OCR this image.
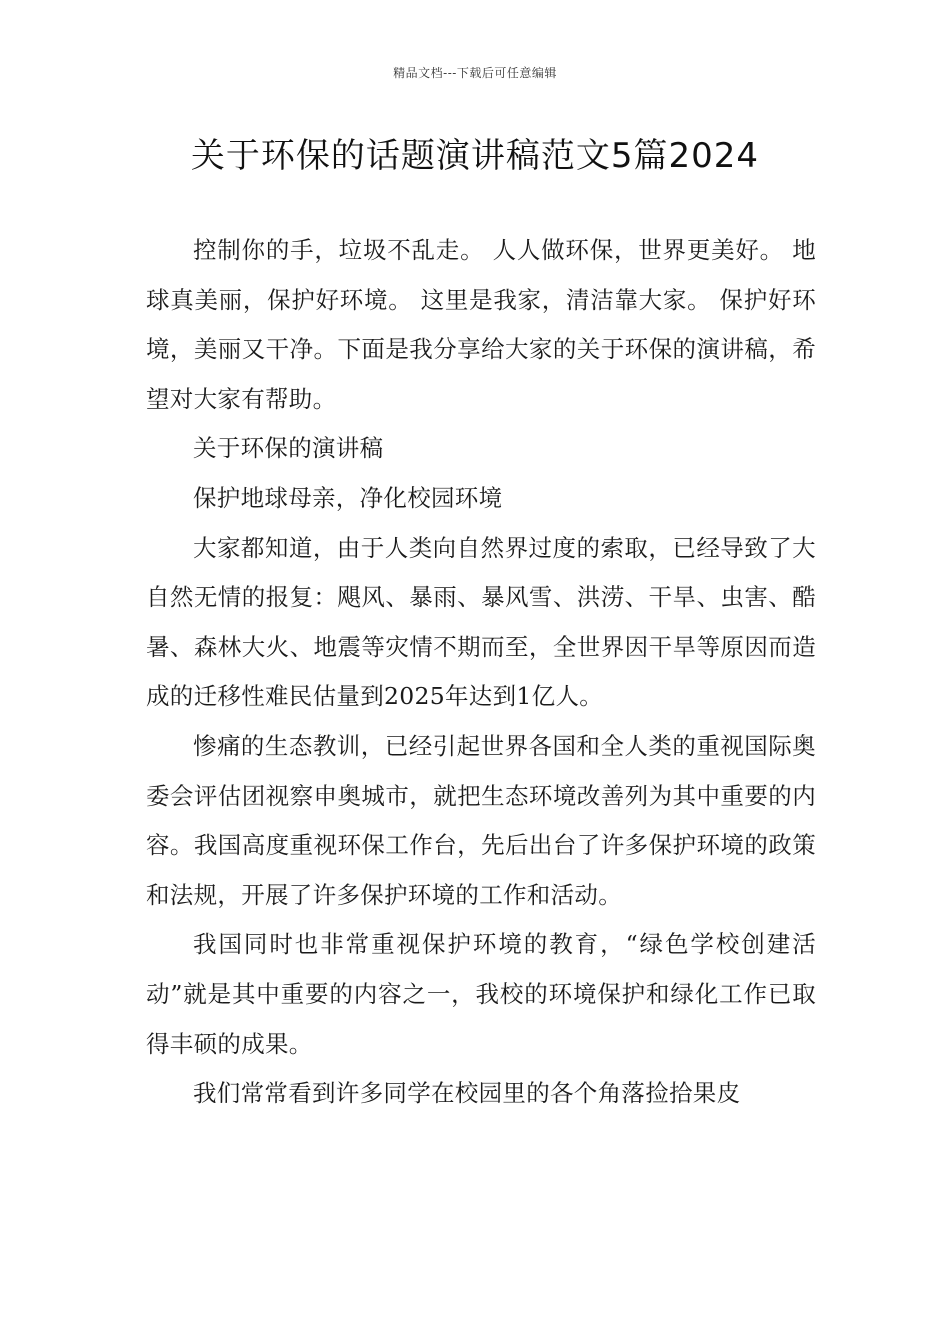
精品文档---下载后可任意编辑
关于环保的话题演讲稿范文5篇2024

控制你的手，垃圾不乱走。 人人做环保，世界更美好。 地球真美丽，保护好环境。 这里是我家，清洁靠大家。 保护好环境，美丽又干净。下面是我分享给大家的关于环保的演讲稿，希望对大家有帮助。

关于环保的演讲稿

保护地球母亲，净化校园环境

大家都知道，由于人类向自然界过度的索取，已经导致了大自然无情的报复：飓风、暴雨、暴风雪、洪涝、干旱、虫害、酷暑、森林大火、地震等灾情不期而至，全世界因干旱等原因而造成的迁移性难民估量到2025年达到1亿人。

惨痛的生态教训，已经引起世界各国和全人类的重视国际奥委会评估团视察申奥城市，就把生态环境改善列为其中重要的内容。我国高度重视环保工作台，先后出台了许多保护环境的政策和法规，开展了许多保护环境的工作和活动。

我国同时也非常重视保护环境的教育，“绿色学校创建活动”就是其中重要的内容之一，我校的环境保护和绿化工作已取得丰硕的成果。

我们常常看到许多同学在校园里的各个角落捡拾果皮
